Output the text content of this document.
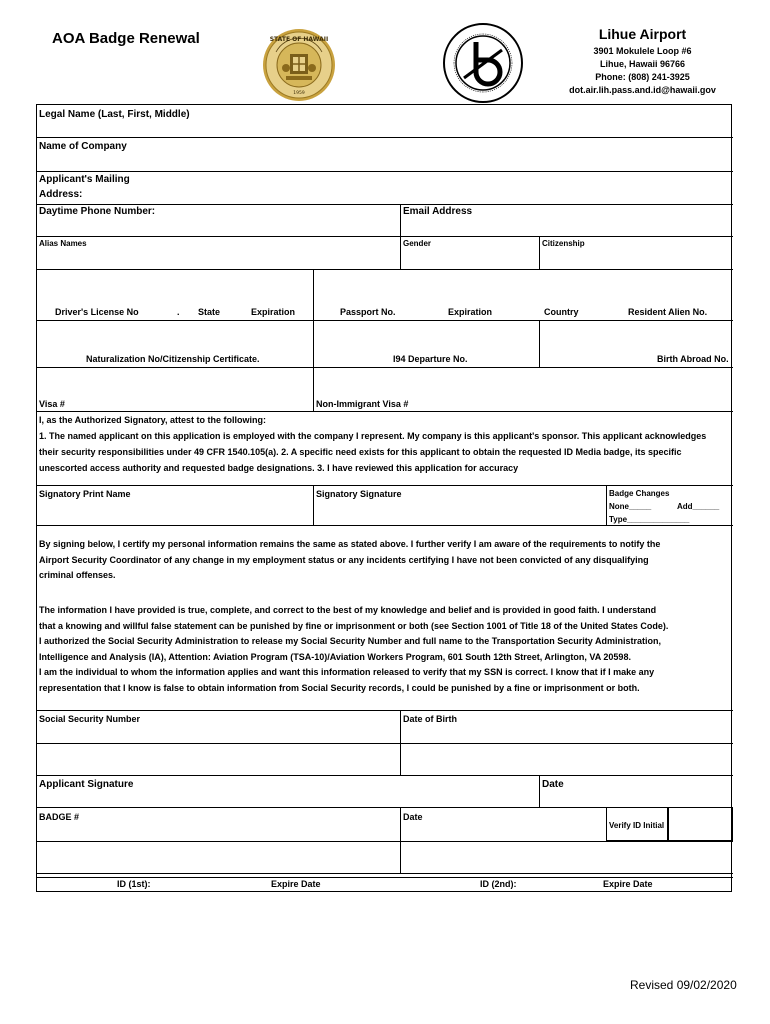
AOA Badge Renewal	STATE OF HAWAII
1959
Lihue Airport
3901 Mokulele Loop #6
Lihue, Hawaii 96766
Phone: (808) 241-3925
dot.air.lih.pass.and.id@hawaii.gov
Legal Name (Last, First, Middle)
Name of Company
Applicant's Mailing
Address:
Daytime Phone Number:	Email Address
Alias Names	Gender	Citizenship
Driver's License No	. State	Expiration	Passport No.	Expiration	Country	Resident Alien No.
Naturalization No/Citizenship Certificate.	I94 Departure No.	Birth Abroad No.
Visa #	Non-Immigrant Visa #
I, as the Authorized Signatory, attest to the following:
1. The named applicant on this application is employed with the company I represent. My company is this applicant's sponsor. This applicant acknowledges
their security responsibilities under 49 CFR 1540.105(a). 2. A specific need exists for this applicant to obtain the requested ID Media badge, its specific
unescorted access authority and requested badge designations. 3. I have reviewed this application for accuracy
Signatory Print Name	Signatory Signature	Badge Changes
None_____	Add______
Type______________
By signing below, I certify my personal information remains the same as stated above. I further verify I am aware of the requirements to notify the
Airport Security Coordinator of any change in my employment status or any incidents certifying I have not been convicted of any disqualifying
criminal offenses.
The information I have provided is true, complete, and correct to the best of my knowledge and belief and is provided in good faith. I understand
that a knowing and willful false statement can be punished by fine or imprisonment or both (see Section 1001 of Title 18 of the United States Code).
I authorized the Social Security Administration to release my Social Security Number and full name to the Transportation Security Administration,
Intelligence and Analysis (IA), Attention: Aviation Program (TSA-10)/Aviation Workers Program, 601 South 12th Street, Arlington, VA 20598.
I am the individual to whom the information applies and want this information released to verify that my SSN is correct. I know that if I make any
representation that I know is false to obtain information from Social Security records, I could be punished by a fine or imprisonment or both.
Social Security Number	Date of Birth
Applicant Signature	Date
BADGE #	Date
Verify ID Initial
ID (1st):	Expire Date	ID (2nd):	Expire Date
Revised 09/02/2020
